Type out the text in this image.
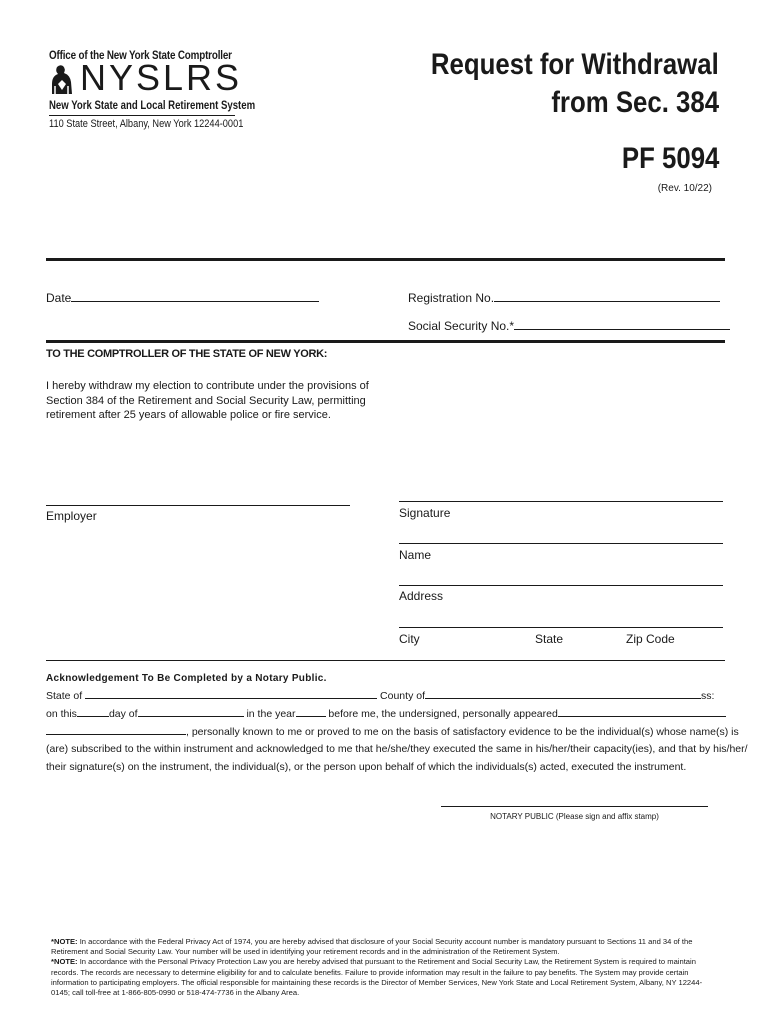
Office of the New York State Comptroller
NYSLRS
New York State and Local Retirement System
110 State Street, Albany, New York 12244-0001
Request for Withdrawal
from Sec. 384
PF 5094
(Rev. 10/22)
Date	Registration No.
Social Security No.*
TO THE COMPTROLLER OF THE STATE OF NEW YORK:
I hereby withdraw my election to contribute under the provisions of Section 384 of the Retirement and Social Security Law, permitting retirement after 25 years of allowable police or fire service.
Employer	Signature
Name
Address
City	State	Zip Code
Acknowledgement To Be Completed by a Notary Public.
State of	County of	ss:
on this	day of	in the year	before me, the undersigned, personally appeared
, personally known to me or proved to me on the basis of satisfactory evidence to be the individual(s) whose name(s) is
(are) subscribed to the within instrument and acknowledged to me that he/she/they executed the same in his/her/their capacity(ies), and that by his/her/
their signature(s) on the instrument, the individual(s), or the person upon behalf of which the individuals(s) acted, executed the instrument.
NOTARY PUBLIC (Please sign and affix stamp)
*NOTE: In accordance with the Federal Privacy Act of 1974, you are hereby advised that disclosure of your Social Security account number is mandatory pursuant to Sections 11 and 34 of the Retirement and Social Security Law. Your number will be used in identifying your retirement records and in the administration of the Retirement System.
*NOTE: In accordance with the Personal Privacy Protection Law you are hereby advised that pursuant to the Retirement and Social Security Law, the Retirement System is required to maintain records. The records are necessary to determine eligibility for and to calculate benefits. Failure to provide information may result in the failure to pay benefits. The System may provide certain information to participating employers. The official responsible for maintaining these records is the Director of Member Services, New York State and Local Retirement System, Albany, NY 12244-0145; call toll-free at 1-866-805-0990 or 518-474-7736 in the Albany Area.
